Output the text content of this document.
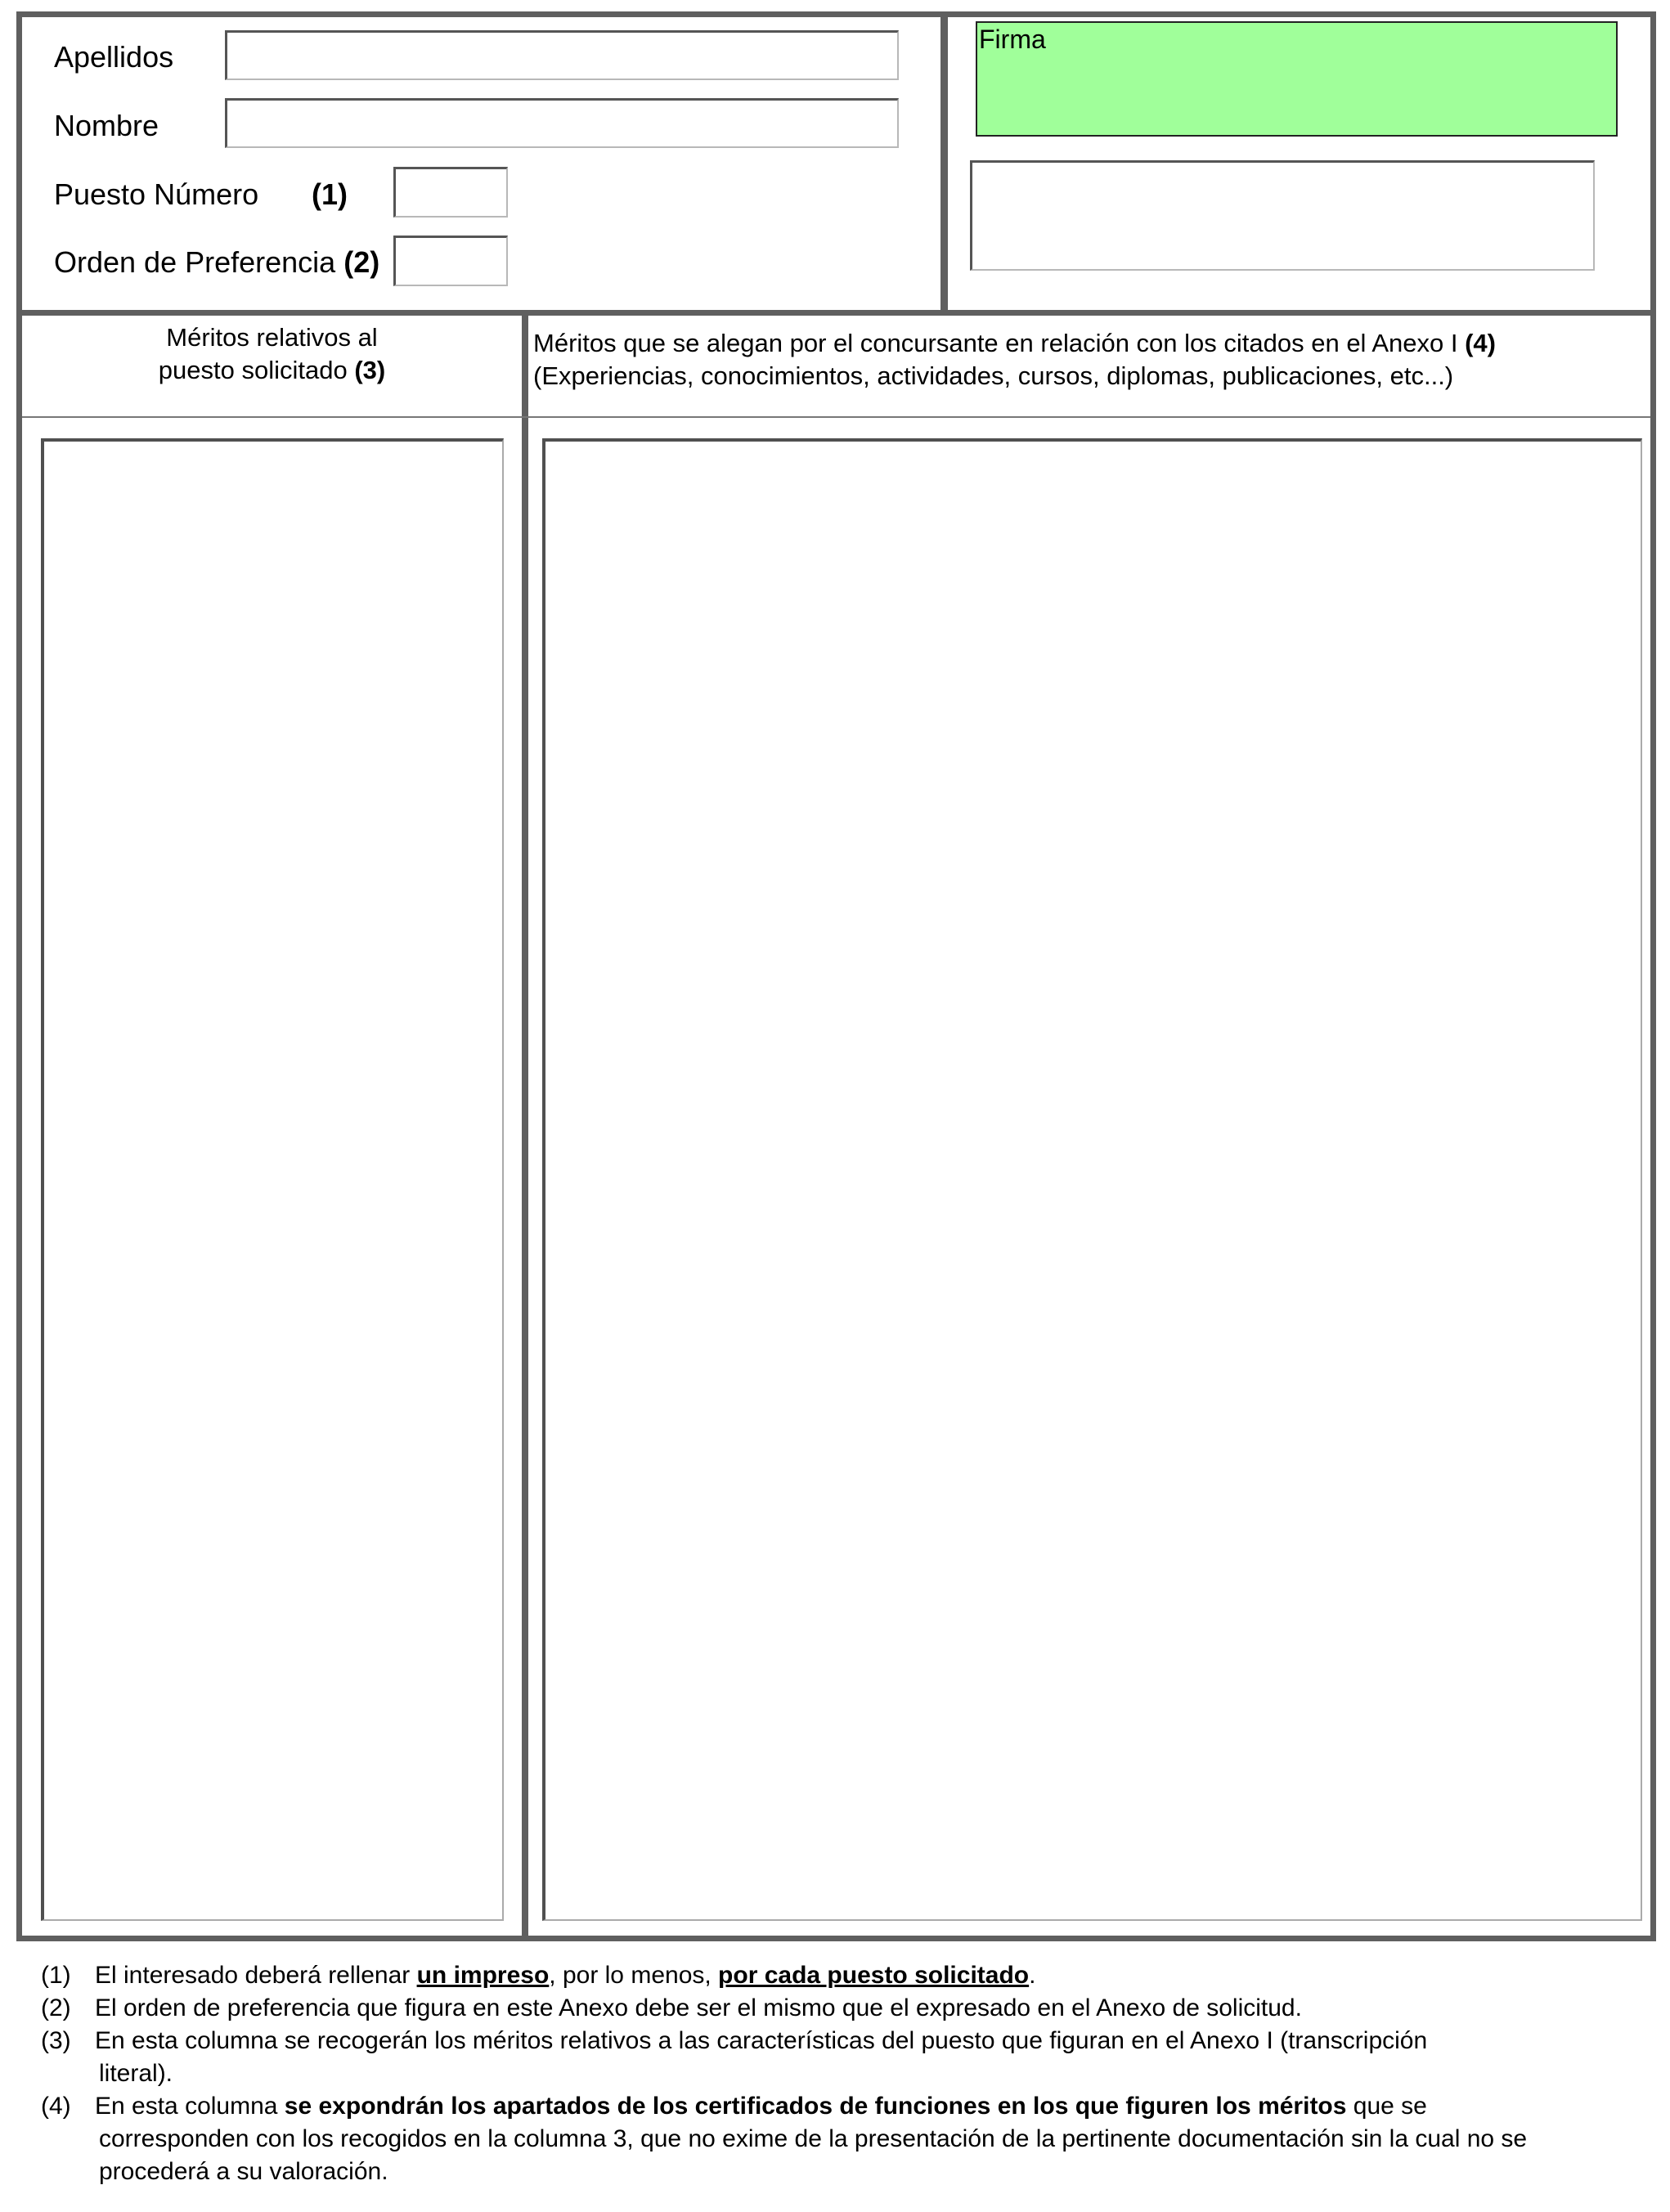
Apellidos
Nombre
Puesto Número (1)
Orden de Preferencia (2)
Firma
Méritos relativos al
puesto solicitado (3)
Méritos que se alegan por el concursante en relación con los citados en el Anexo I (4)
(Experiencias, conocimientos, actividades, cursos, diplomas, publicaciones, etc...)
(1) El interesado deberá rellenar un impreso, por lo menos, por cada puesto solicitado.
(2) El orden de preferencia que figura en este Anexo debe ser el mismo que el expresado en el Anexo de solicitud.
(3) En esta columna se recogerán los méritos relativos a las características del puesto que figuran en el Anexo I (transcripción
literal).
(4) En esta columna se expondrán los apartados de los certificados de funciones en los que figuren los méritos que se
corresponden con los recogidos en la columna 3, que no exime de la presentación de la pertinente documentación sin la cual no se
procederá a su valoración.
